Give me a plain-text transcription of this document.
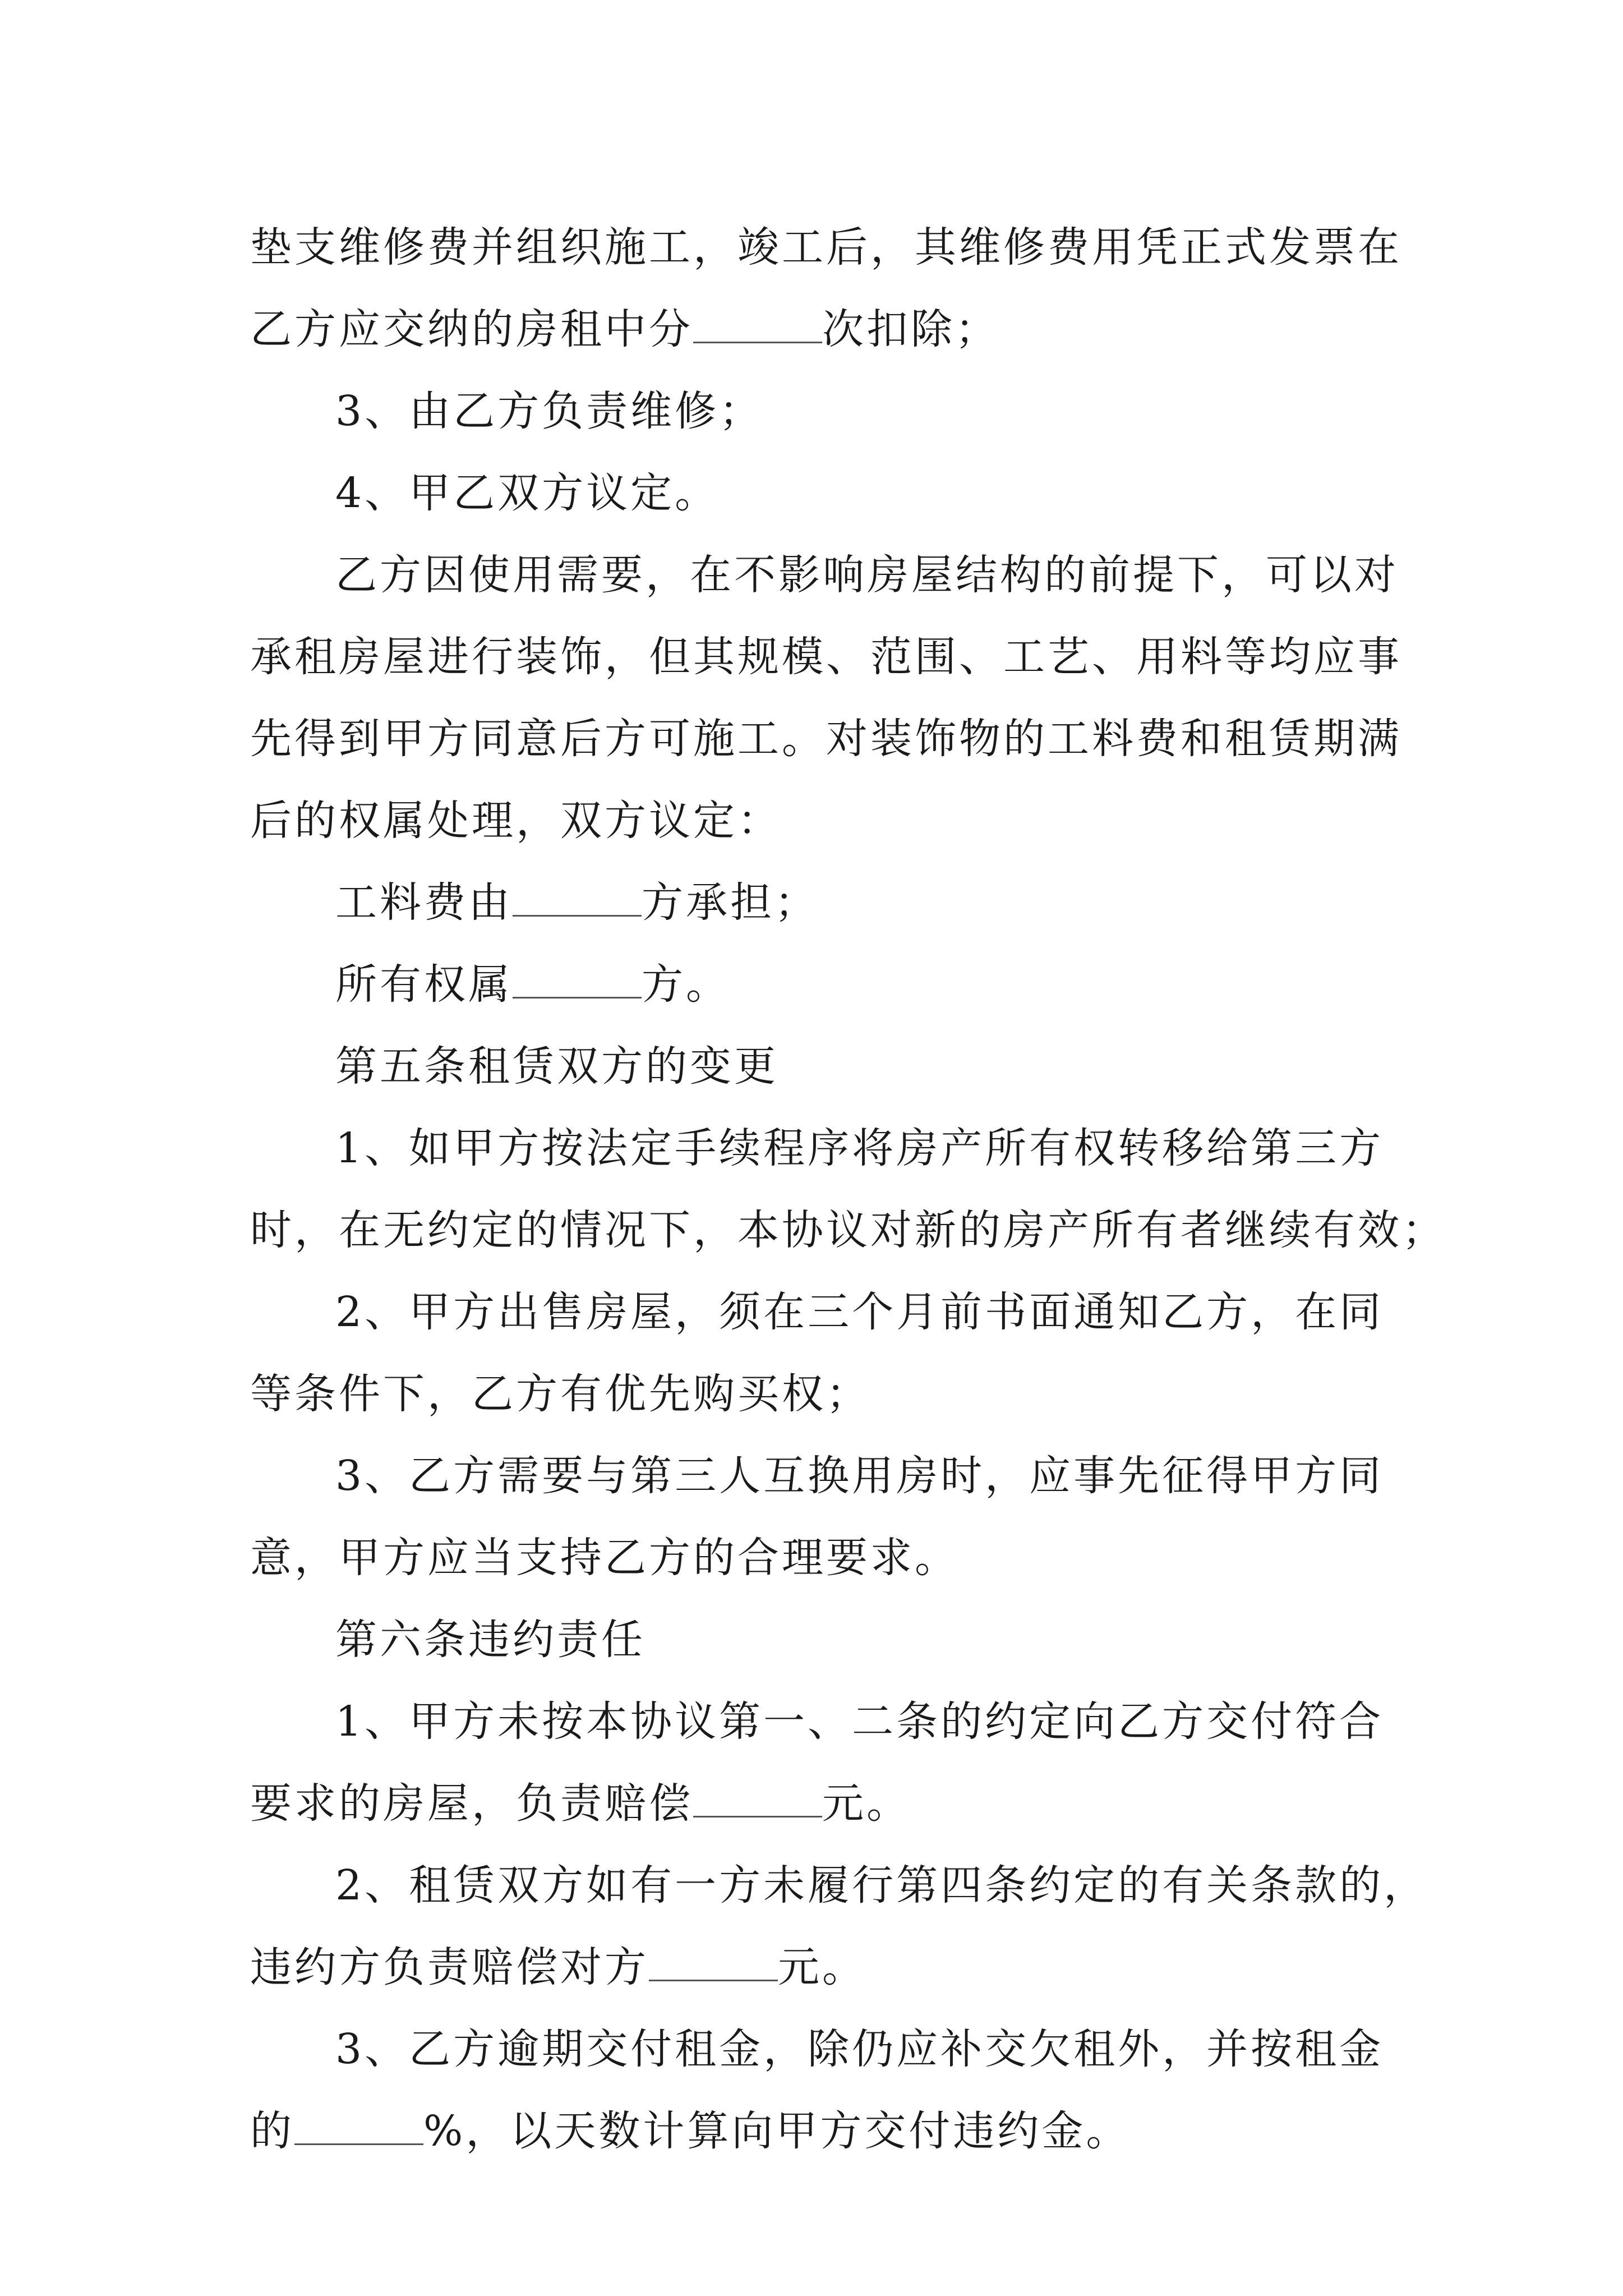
垫支维修费并组织施工，竣工后，其维修费用凭正式发票在
乙方应交纳的房租中分	次扣除；
3、由乙方负责维修；
4、甲乙双方议定。
乙方因使用需要，在不影响房屋结构的前提下，可以对
承租房屋进行装饰，但其规模、范围、工艺、用料等均应事
先得到甲方同意后方可施工。对装饰物的工料费和租赁期满
后的权属处理，双方议定：
工料费由	方承担；
所有权属	方。
第五条租赁双方的变更
1、如甲方按法定手续程序将房产所有权转移给第三方
时，在无约定的情况下，本协议对新的房产所有者继续有效；
2、甲方出售房屋，须在三个月前书面通知乙方，在同
等条件下，乙方有优先购买权；
3、乙方需要与第三人互换用房时，应事先征得甲方同
意，甲方应当支持乙方的合理要求。
第六条违约责任
1、甲方未按本协议第一、二条的约定向乙方交付符合
要求的房屋，负责赔偿	元。
2、租赁双方如有一方未履行第四条约定的有关条款的，
违约方负责赔偿对方	元。
3、乙方逾期交付租金，除仍应补交欠租外，并按租金
的	%，以天数计算向甲方交付违约金。
